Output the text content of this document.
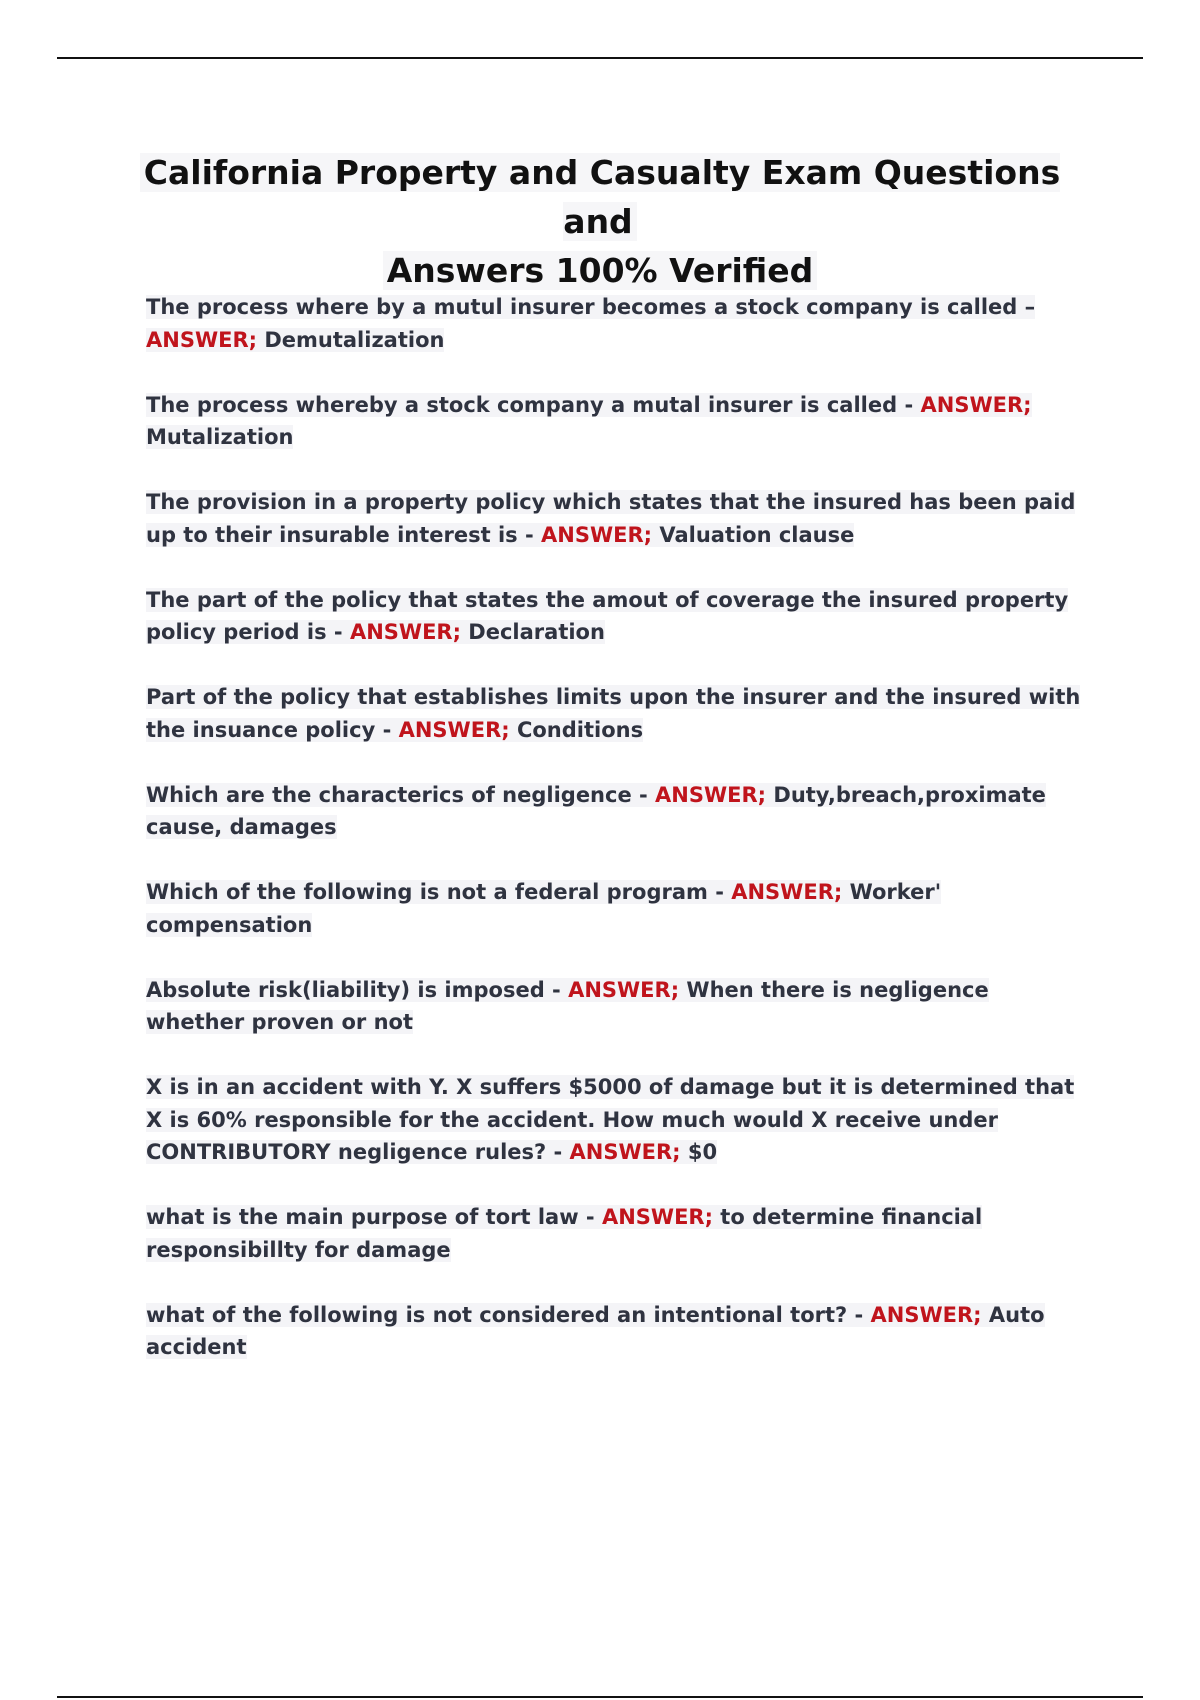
California Property and Casualty Exam Questions and
Answers 100% Verified
The process where by a mutul insurer becomes a stock company is called –
ANSWER; Demutalization
The process whereby a stock company a mutal insurer is called - ANSWER;
Mutalization
The provision in a property policy which states that the insured has been paid up to their insurable interest is - ANSWER; Valuation clause
The part of the policy that states the amout of coverage the insured property policy period is - ANSWER; Declaration
Part of the policy that establishes limits upon the insurer and the insured with the insuance policy - ANSWER; Conditions
Which are the characterics of negligence - ANSWER; Duty,breach,proximate cause, damages
Which of the following is not a federal program - ANSWER; Worker' compensation
Absolute risk(liability) is imposed - ANSWER; When there is negligence whether proven or not
X is in an accident with Y. X suffers $5000 of damage but it is determined that X is 60% responsible for the accident. How much would X receive under CONTRIBUTORY negligence rules? - ANSWER; $0
what is the main purpose of tort law - ANSWER; to determine financial responsibillty for damage
what of the following is not considered an intentional tort? - ANSWER; Auto accident
